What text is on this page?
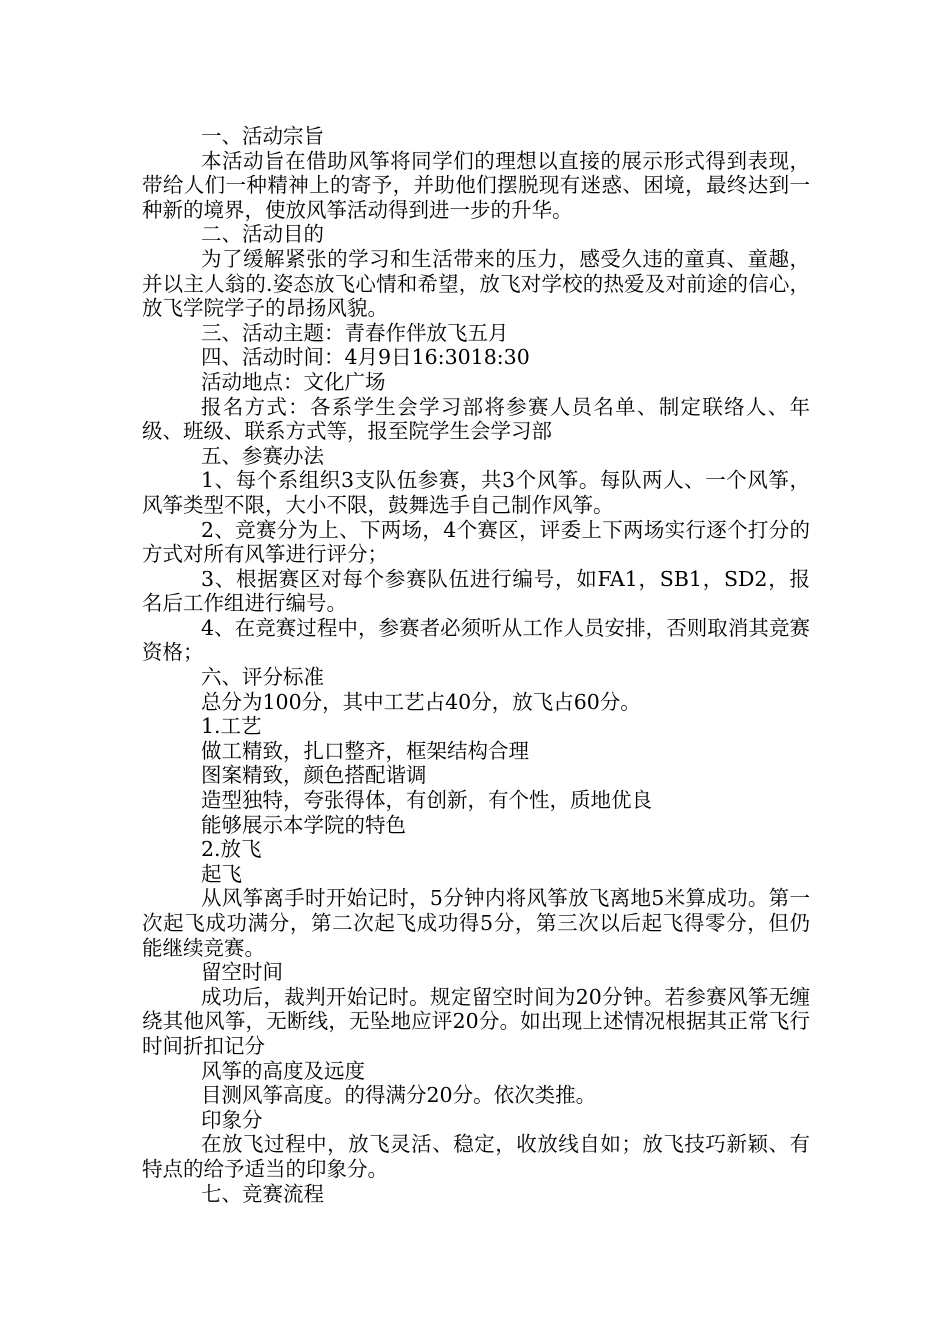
一、活动宗旨

本活动旨在借助风筝将同学们的理想以直接的展示形式得到表现，带给人们一种精神上的寄予，并助他们摆脱现有迷惑、困境，最终达到一种新的境界，使放风筝活动得到进一步的升华。

二、活动目的

为了缓解紧张的学习和生活带来的压力，感受久违的童真、童趣，并以主人翁的.姿态放飞心情和希望，放飞对学校的热爱及对前途的信心，放飞学院学子的昂扬风貌。

三、活动主题：青春作伴放飞五月

四、活动时间：4月9日16:3018:30

活动地点：文化广场

报名方式：各系学生会学习部将参赛人员名单、制定联络人、年级、班级、联系方式等，报至院学生会学习部

五、参赛办法

1、每个系组织3支队伍参赛，共3个风筝。每队两人、一个风筝，风筝类型不限，大小不限，鼓舞选手自己制作风筝。

2、竞赛分为上、下两场，4个赛区，评委上下两场实行逐个打分的方式对所有风筝进行评分；

3、根据赛区对每个参赛队伍进行编号，如FA1，SB1，SD2，报名后工作组进行编号。

4、在竞赛过程中，参赛者必须听从工作人员安排，否则取消其竞赛资格；

六、评分标准

总分为100分，其中工艺占40分，放飞占60分。

1.工艺

做工精致，扎口整齐，框架结构合理

图案精致，颜色搭配谐调

造型独特，夸张得体，有创新，有个性，质地优良

能够展示本学院的特色

2.放飞

起飞

从风筝离手时开始记时，5分钟内将风筝放飞离地5米算成功。第一次起飞成功满分，第二次起飞成功得5分，第三次以后起飞得零分，但仍能继续竞赛。

留空时间

成功后，裁判开始记时。规定留空时间为20分钟。若参赛风筝无缠绕其他风筝，无断线，无坠地应评20分。如出现上述情况根据其正常飞行时间折扣记分

风筝的高度及远度

目测风筝高度。的得满分20分。依次类推。

印象分

在放飞过程中，放飞灵活、稳定，收放线自如；放飞技巧新颖、有特点的给予适当的印象分。

七、竞赛流程
